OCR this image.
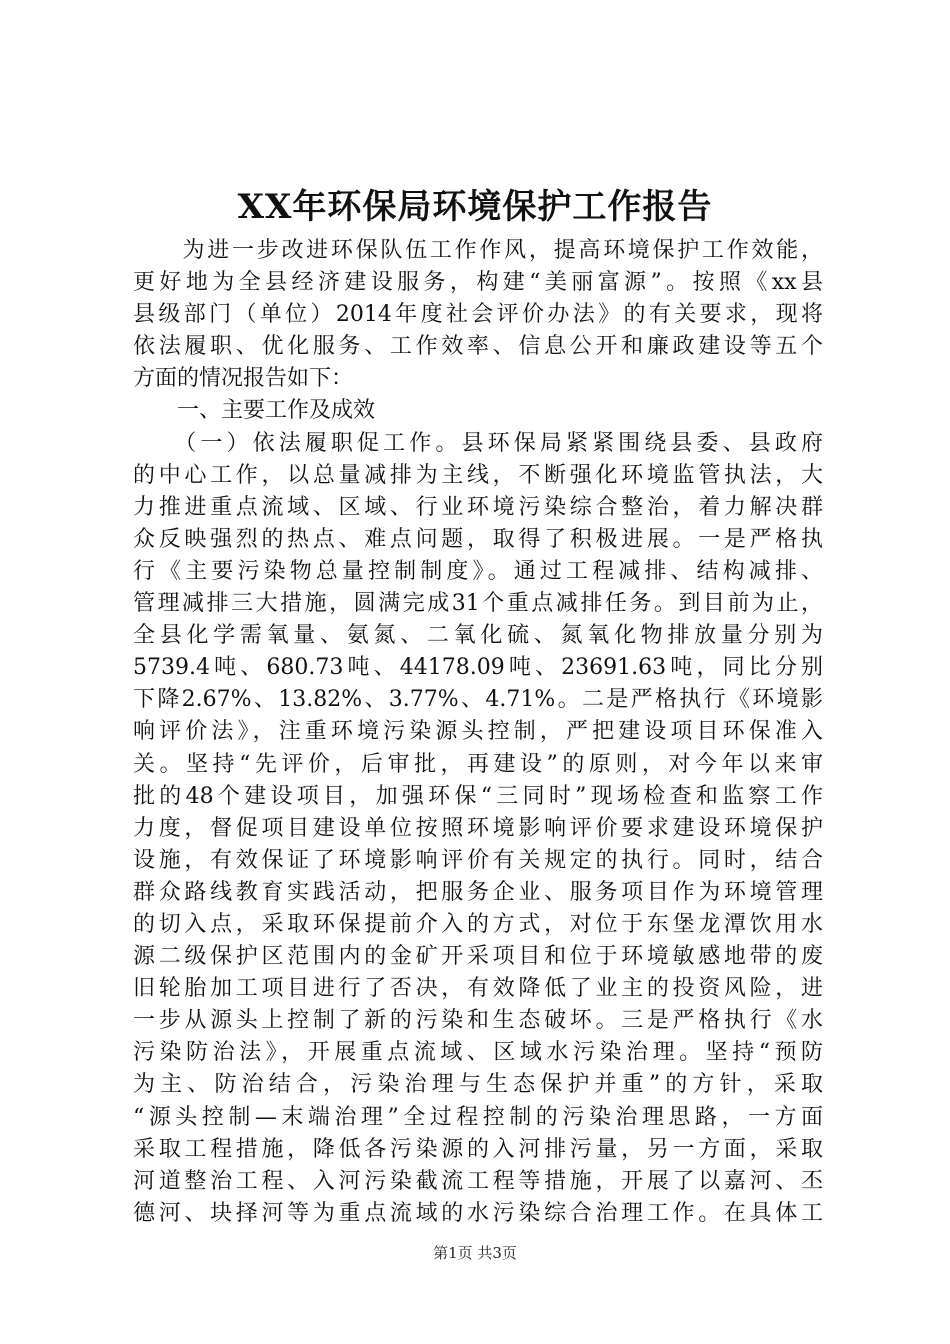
XX年环保局环境保护工作报告
　　为进一步改进环保队伍工作作风，提高环境保护工作效能，
更好地为全县经济建设服务，构建“美丽富源”。按照《xx县
县级部门（单位）2014年度社会评价办法》的有关要求，现将
依法履职、优化服务、工作效率、信息公开和廉政建设等五个
方面的情况报告如下：
　　一、主要工作及成效
　　（一）依法履职促工作。县环保局紧紧围绕县委、县政府
的中心工作，以总量减排为主线，不断强化环境监管执法，大
力推进重点流域、区域、行业环境污染综合整治，着力解决群
众反映强烈的热点、难点问题，取得了积极进展。一是严格执
行《主要污染物总量控制制度》。通过工程减排、结构减排、
管理减排三大措施，圆满完成31个重点减排任务。到目前为止，
全县化学需氧量、氨氮、二氧化硫、氮氧化物排放量分别为
5739.4吨、680.73吨、44178.09吨、23691.63吨，同比分别
下降2.67%、13.82%、3.77%、4.71%。二是严格执行《环境影
响评价法》，注重环境污染源头控制，严把建设项目环保准入
关。坚持“先评价，后审批，再建设”的原则，对今年以来审
批的48个建设项目，加强环保“三同时”现场检查和监察工作
力度，督促项目建设单位按照环境影响评价要求建设环境保护
设施，有效保证了环境影响评价有关规定的执行。同时，结合
群众路线教育实践活动，把服务企业、服务项目作为环境管理
的切入点，采取环保提前介入的方式，对位于东堡龙潭饮用水
源二级保护区范围内的金矿开采项目和位于环境敏感地带的废
旧轮胎加工项目进行了否决，有效降低了业主的投资风险，进
一步从源头上控制了新的污染和生态破坏。三是严格执行《水
污染防治法》，开展重点流域、区域水污染治理。坚持“预防
为主、防治结合，污染治理与生态保护并重”的方针，采取
“源头控制—末端治理”全过程控制的污染治理思路，一方面
采取工程措施，降低各污染源的入河排污量，另一方面，采取
河道整治工程、入河污染截流工程等措施，开展了以嘉河、丕
德河、块择河等为重点流域的水污染综合治理工作。在具体工
第1页 共3页
